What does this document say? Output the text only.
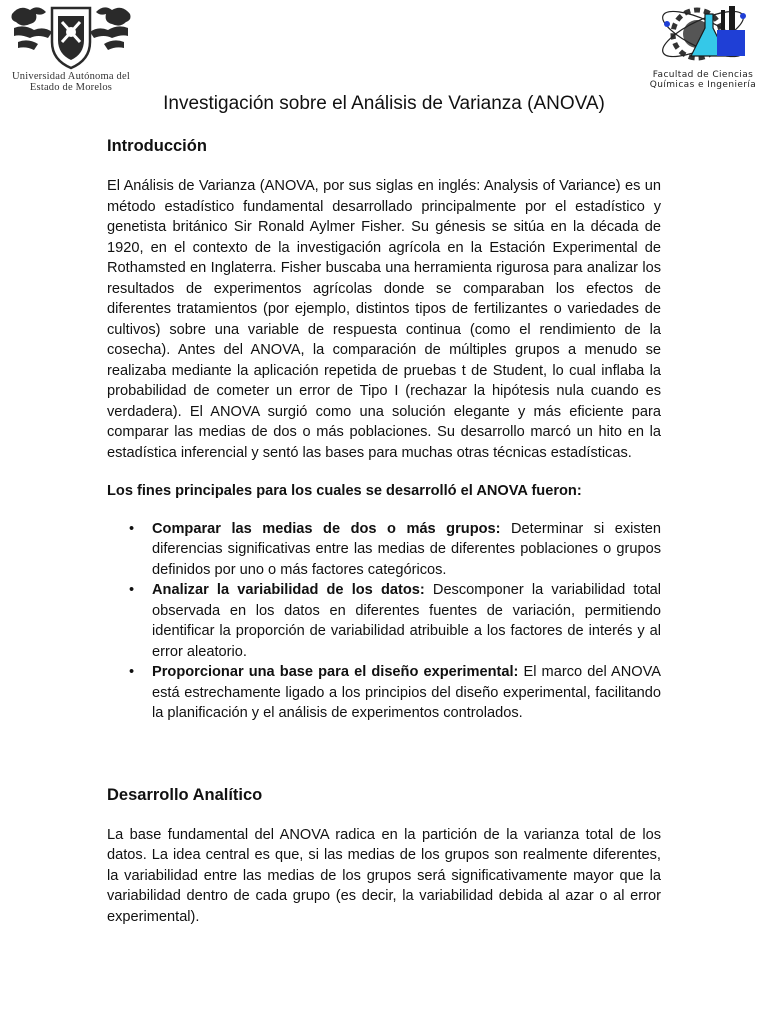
Universidad Autónoma del
Estado de Morelos
Facultad de Ciencias
Químicas e Ingeniería
Investigación sobre el Análisis de Varianza (ANOVA)
Introducción

El Análisis de Varianza (ANOVA, por sus siglas en inglés: Analysis of Variance) es un método estadístico fundamental desarrollado principalmente por el estadístico y genetista británico Sir Ronald Aylmer Fisher. Su génesis se sitúa en la década de 1920, en el contexto de la investigación agrícola en la Estación Experimental de Rothamsted en Inglaterra. Fisher buscaba una herramienta rigurosa para analizar los resultados de experimentos agrícolas donde se comparaban los efectos de diferentes tratamientos (por ejemplo, distintos tipos de fertilizantes o variedades de cultivos) sobre una variable de respuesta continua (como el rendimiento de la cosecha). Antes del ANOVA, la comparación de múltiples grupos a menudo se realizaba mediante la aplicación repetida de pruebas t de Student, lo cual inflaba la probabilidad de cometer un error de Tipo I (rechazar la hipótesis nula cuando es verdadera). El ANOVA surgió como una solución elegante y más eficiente para comparar las medias de dos o más poblaciones. Su desarrollo marcó un hito en la estadística inferencial y sentó las bases para muchas otras técnicas estadísticas.

Los fines principales para los cuales se desarrolló el ANOVA fueron:

• Comparar las medias de dos o más grupos: Determinar si existen diferencias significativas entre las medias de diferentes poblaciones o grupos definidos por uno o más factores categóricos.
• Analizar la variabilidad de los datos: Descomponer la variabilidad total observada en los datos en diferentes fuentes de variación, permitiendo identificar la proporción de variabilidad atribuible a los factores de interés y al error aleatorio.
• Proporcionar una base para el diseño experimental: El marco del ANOVA está estrechamente ligado a los principios del diseño experimental, facilitando la planificación y el análisis de experimentos controlados.
Desarrollo Analítico

La base fundamental del ANOVA radica en la partición de la varianza total de los datos. La idea central es que, si las medias de los grupos son realmente diferentes, la variabilidad entre las medias de los grupos será significativamente mayor que la variabilidad dentro de cada grupo (es decir, la variabilidad debida al azar o al error experimental).
